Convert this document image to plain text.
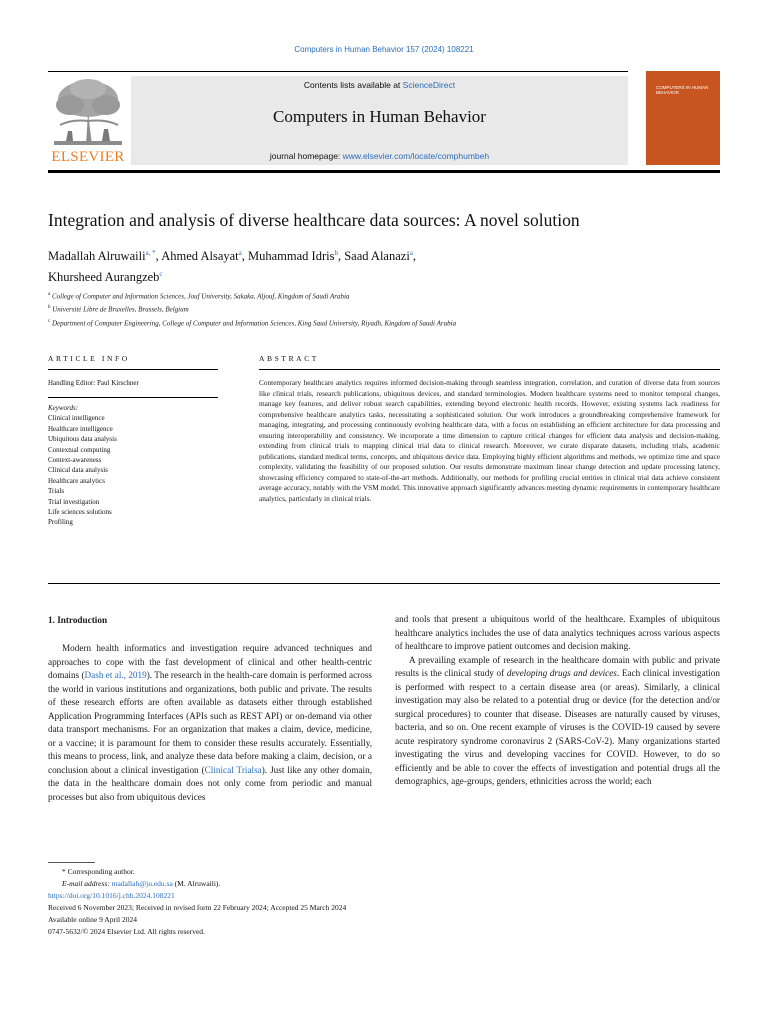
Computers in Human Behavior 157 (2024) 108221
ELSEVIER
Contents lists available at ScienceDirect
Computers in Human Behavior
journal homepage: www.elsevier.com/locate/comphumbeh
COMPUTERS IN HUMAN BEHAVIOR
Integration and analysis of diverse healthcare data sources: A novel solution
Madallah Alruwaili$^{a, *}$, Ahmed Alsayat$^a$, Muhammad Idris$^b$, Saad Alanazi$^a$,
Khursheed Aurangzeb$^c$
$^a$ College of Computer and Information Sciences, Jouf University, Sakaka, Aljouf, Kingdom of Saudi Arabia
$^b$ Université Libre de Bruxelles, Brussels, Belgium
$^c$ Department of Computer Engineering, College of Computer and Information Sciences, King Saud University, Riyadh, Kingdom of Saudi Arabia
ARTICLE INFO	ABSTRACT
Handling Editor: Paul Kirschner
Keywords:
Clinical intelligence
Healthcare intelligence
Ubiquitous data analysis
Contextual computing
Context-awareness
Clinical data analysis
Healthcare analytics
Trials
Trial investigation
Life sciences solutions
Profiling
Contemporary healthcare analytics requires informed decision-making through seamless integration, correlation, and curation of diverse data from sources like clinical trials, research publications, ubiquitous devices, and standard terminologies. Modern healthcare systems need to monitor temporal changes, manage key features, and deliver robust search capabilities, extending beyond electronic health records. However, existing systems lack readiness for comprehensive healthcare analytics tasks, necessitating a sophisticated solution. Our work introduces a groundbreaking comprehensive framework for managing, integrating, and processing continuously evolving healthcare data, with a focus on establishing an efficient architecture for data processing and ensuring interoperability and consistency. We incorporate a time dimension to capture critical changes for efficient data analysis and decision-making, extending from clinical trials to mapping clinical trial data to clinical research. Moreover, we curate disparate datasets, including trials, academic publications, standard medical terms, concepts, and ubiquitous device data. Employing highly efficient algorithms and methods, we optimize time and space complexity, validating the feasibility of our proposed solution. Our results demonstrate maximum linear change detection and update processing latency, showcasing efficiency compared to state-of-the-art methods. Additionally, our methods for profiling crucial entities in clinical trial data achieve consistent average accuracy, notably with the VSM model. This innovative approach significantly advances meeting dynamic requirements in contemporary healthcare analytics, particularly in clinical trials.
1. Introduction

Modern health informatics and investigation require advanced techniques and approaches to cope with the fast development of clinical and other health-centric domains (Dash et al., 2019). The research in the health-care domain is performed across the world in various institutions and organizations, both public and private. The results of these research efforts are often available as datasets either through established Application Programming Interfaces (APIs such as REST API) or on-demand via other data transport mechanisms. For an organization that makes a claim, device, medicine, or a vaccine; it is paramount for them to consider these results accurately. Essentially, this means to process, link, and analyze these data before making a claim, decision, or a conclusion about a clinical investigation (Clinical Trialsa). Just like any other domain, the data in the healthcare domain does not only come from periodic and manual processes but also from ubiquitous devices

and tools that present a ubiquitous world of the healthcare. Examples of ubiquitous healthcare analytics includes the use of data analytics techniques across various aspects of healthcare to improve patient outcomes and decision making.

A prevailing example of research in the healthcare domain with public and private results is the clinical study of developing drugs and devices. Each clinical investigation is performed with respect to a certain disease area (or areas). Similarly, a clinical investigation may also be related to a potential drug or device (for the detection and/or surgical procedures) to counter that disease. Diseases are naturally caused by viruses, bacteria, and so on. One recent example of viruses is the COVID-19 caused by severe acute respiratory syndrome coronavirus 2 (SARS-CoV-2). Many organizations started investigating the virus and developing vaccines for COVID. However, to do so efficiently and be able to cover the effects of investigation and potential drugs all the demographics, age-groups, genders, ethnicities across the world; each

* Corresponding author.
E-mail address: madallah@ju.edu.sa (M. Alruwaili).
https://doi.org/10.1016/j.chb.2024.108221
Received 6 November 2023; Received in revised form 22 February 2024; Accepted 25 March 2024
Available online 9 April 2024
0747-5632/© 2024 Elsevier Ltd. All rights reserved.
